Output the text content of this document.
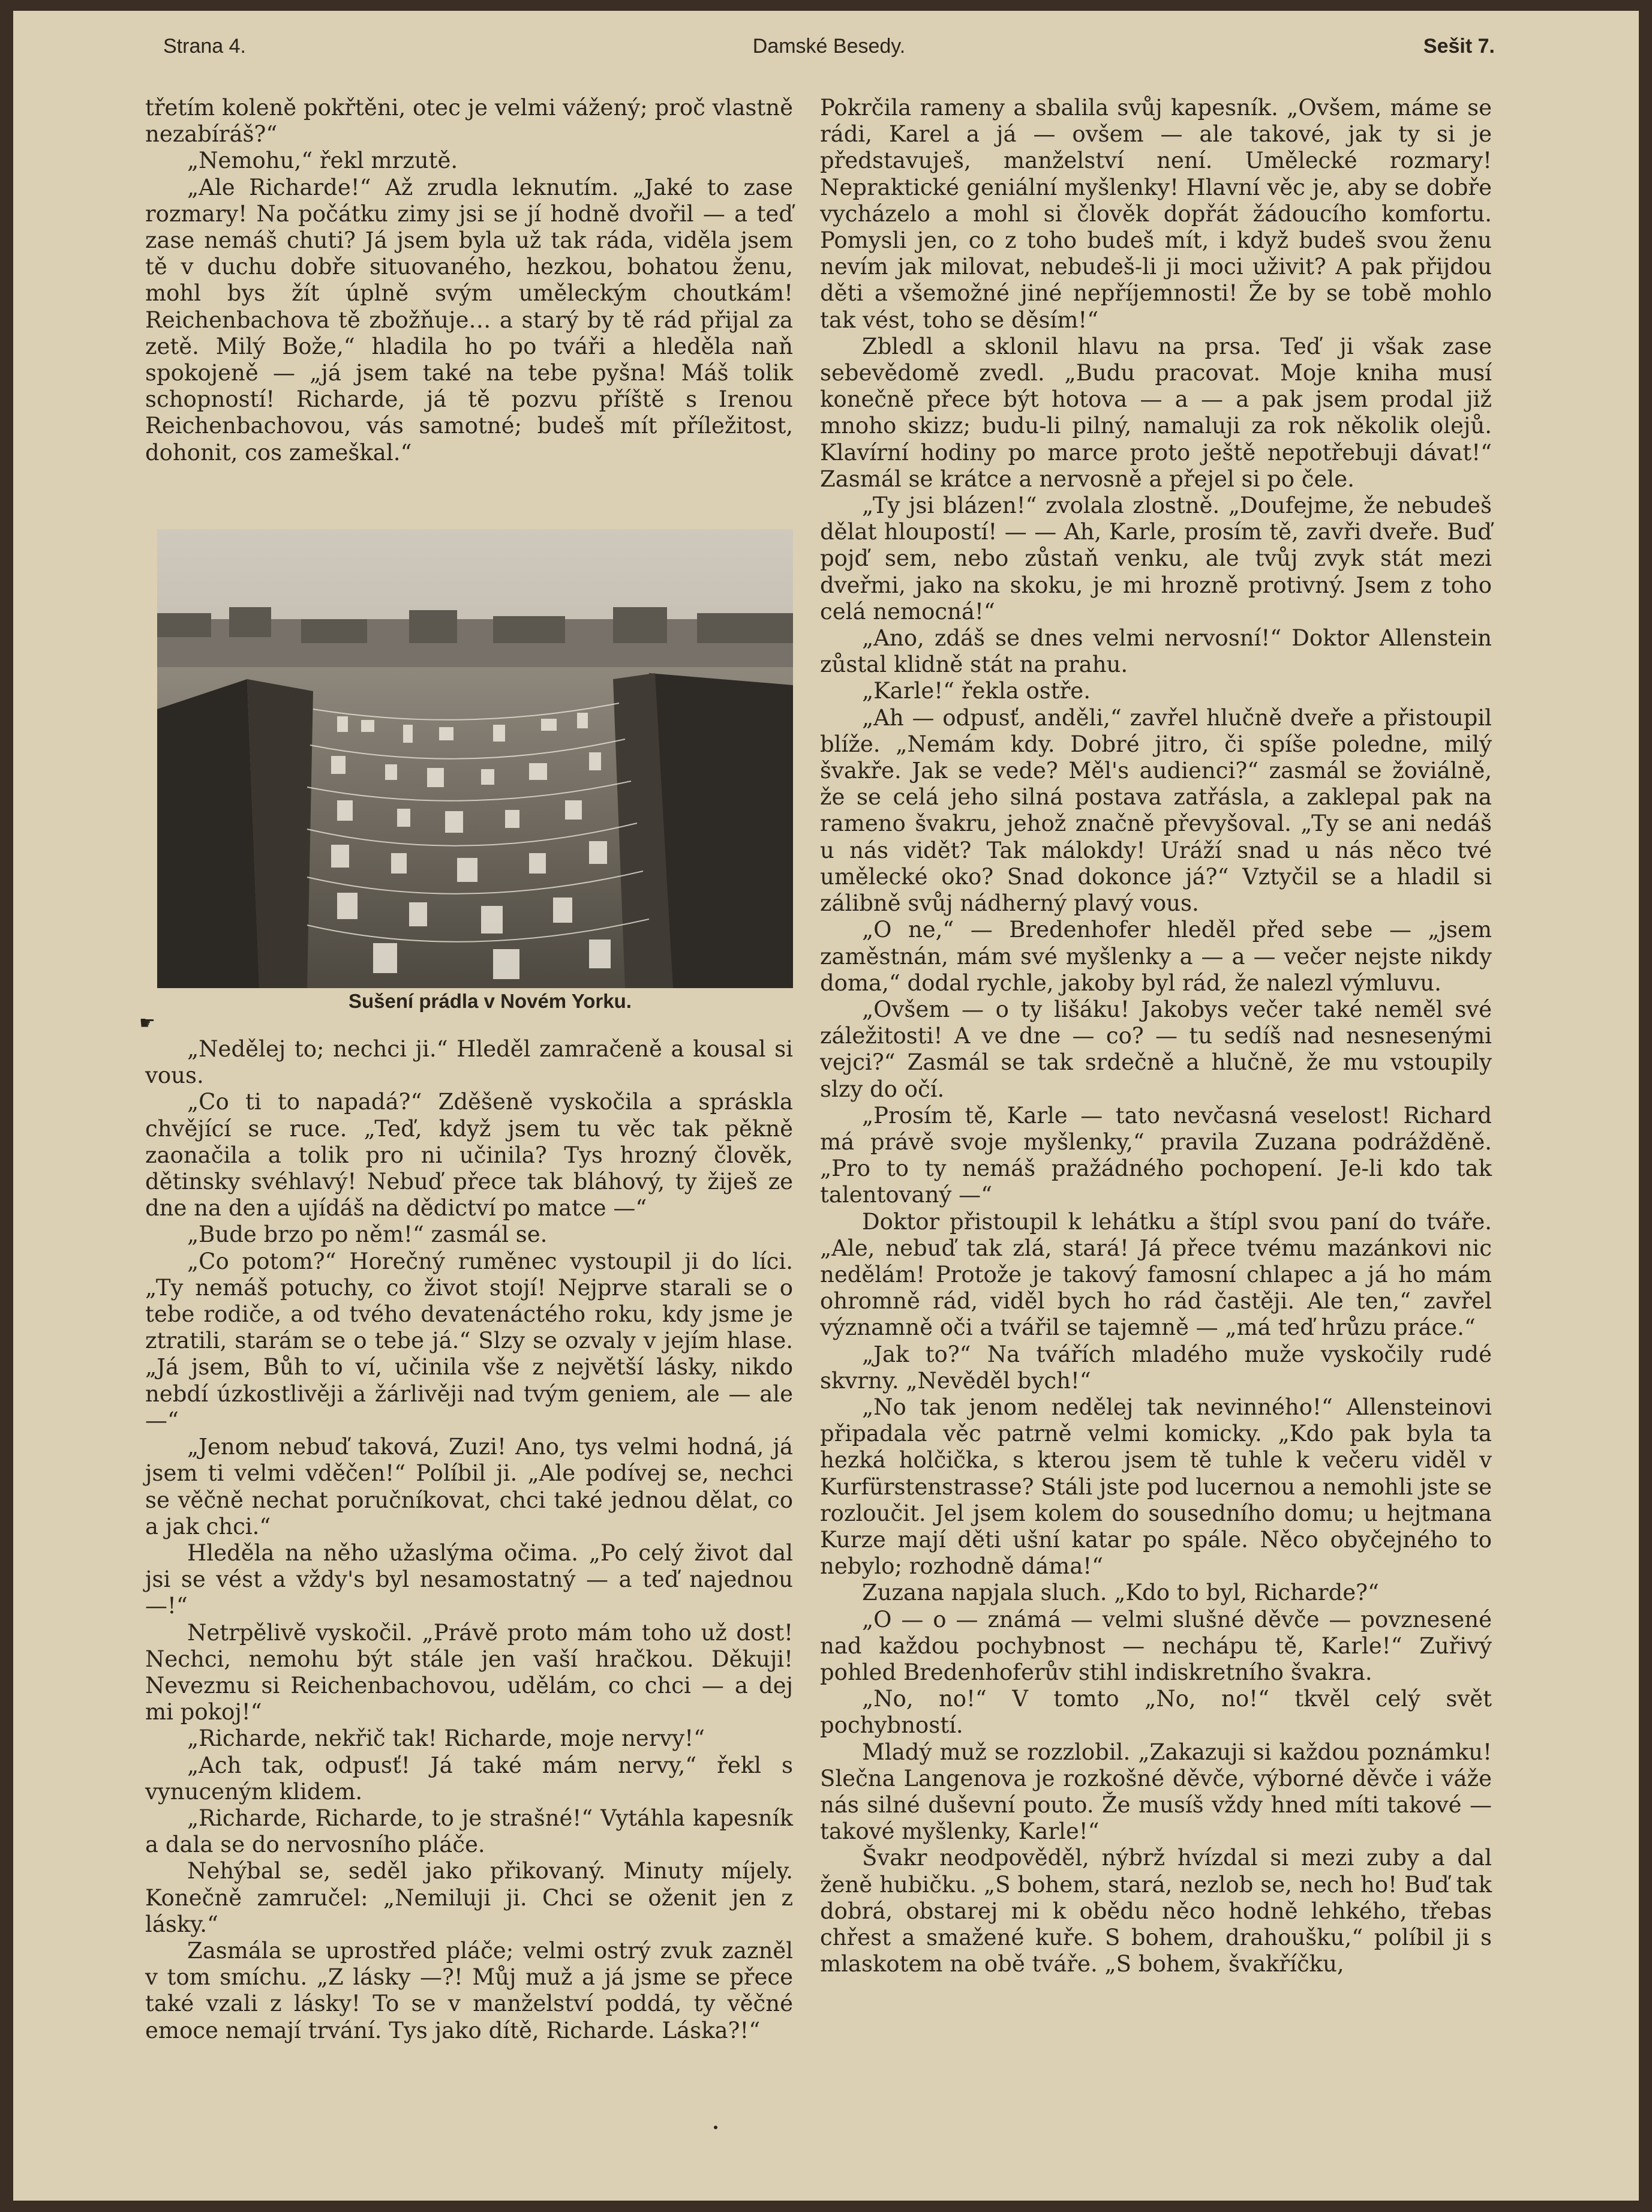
Strana 4.	Damské Besedy.	Sešit 7.

třetím koleně pokřtěni, otec je velmi vážený; proč vlastně nezabíráš?“

„Nemohu,“ řekl mrzutě.

„Ale Richarde!“ Až zrudla leknutím. „Jaké to zase rozmary! Na počátku zimy jsi se jí hodně dvořil — a teď zase nemáš chuti? Já jsem byla už tak ráda, viděla jsem tě v duchu dobře situovaného, hezkou, bohatou ženu, mohl bys žít úplně svým uměleckým choutkám! Reichenbachova tě zbožňuje… a starý by tě rád přijal za zetě. Milý Bože,“ hladila ho po tváři a hleděla naň spokojeně — „já jsem také na tebe pyšna! Máš tolik schopností! Richarde, já tě pozvu příště s Irenou Reichenbachovou, vás samotné; budeš mít příležitost, dohonit, cos zameškal.“

Sušení prádla v Novém Yorku.

☛

„Nedělej to; nechci ji.“ Hleděl zamračeně a kousal si vous.

„Co ti to napadá?“ Zděšeně vyskočila a spráskla chvějící se ruce. „Teď, když jsem tu věc tak pěkně zaonačila a tolik pro ni učinila? Tys hrozný člověk, dětinsky svéhlavý! Nebuď přece tak bláhový, ty žiješ ze dne na den a ujídáš na dědictví po matce —“

„Bude brzo po něm!“ zasmál se.

„Co potom?“ Horečný ruměnec vystoupil ji do líci. „Ty nemáš potuchy, co život stojí! Nejprve starali se o tebe rodiče, a od tvého devatenáctého roku, kdy jsme je ztratili, starám se o tebe já.“ Slzy se ozvaly v jejím hlase. „Já jsem, Bůh to ví, učinila vše z největší lásky, nikdo nebdí úzkostlivěji a žárlivěji nad tvým geniem, ale — ale —“

„Jenom nebuď taková, Zuzi! Ano, tys velmi hodná, já jsem ti velmi vděčen!“ Políbil ji. „Ale podívej se, nechci se věčně nechat poručníkovat, chci také jednou dělat, co a jak chci.“

Hleděla na něho užaslýma očima. „Po celý život dal jsi se vést a vždy's byl nesamostatný — a teď najednou —!“

Netrpělivě vyskočil. „Právě proto mám toho už dost! Nechci, nemohu být stále jen vaší hračkou. Děkuji! Nevezmu si Reichenbachovou, udělám, co chci — a dej mi pokoj!“

„Richarde, nekřič tak! Richarde, moje nervy!“

„Ach tak, odpusť! Já také mám nervy,“ řekl s vynuceným klidem.

„Richarde, Richarde, to je strašné!“ Vytáhla kapesník a dala se do nervosního pláče.

Nehýbal se, seděl jako přikovaný. Minuty míjely. Konečně zamručel: „Nemiluji ji. Chci se oženit jen z lásky.“

Zasmála se uprostřed pláče; velmi ostrý zvuk zazněl v tom smíchu. „Z lásky —?! Můj muž a já jsme se přece také vzali z lásky! To se v manželství poddá, ty věčné emoce nemají trvání. Tys jako dítě, Richarde. Láska?!“

Pokrčila rameny a sbalila svůj kapesník. „Ovšem, máme se rádi, Karel a já — ovšem — ale takové, jak ty si je představuješ, manželství není. Umělecké rozmary! Nepraktické geniální myšlenky! Hlavní věc je, aby se dobře vycházelo a mohl si člověk dopřát žádoucího komfortu. Pomysli jen, co z toho budeš mít, i když budeš svou ženu nevím jak milovat, nebudeš-li ji moci uživit? A pak přijdou děti a všemožné jiné nepříjemnosti! Že by se tobě mohlo tak vést, toho se děsím!“

Zbledl a sklonil hlavu na prsa. Teď ji však zase sebevědomě zvedl. „Budu pracovat. Moje kniha musí konečně přece být hotova — a — a pak jsem prodal již mnoho skizz; budu-li pilný, namaluji za rok několik olejů. Klavírní hodiny po marce proto ještě nepotřebuji dávat!“ Zasmál se krátce a nervosně a přejel si po čele.

„Ty jsi blázen!“ zvolala zlostně. „Doufejme, že nebudeš dělat hloupostí! — — Ah, Karle, prosím tě, zavři dveře. Buď pojď sem, nebo zůstaň venku, ale tvůj zvyk stát mezi dveřmi, jako na skoku, je mi hrozně protivný. Jsem z toho celá nemocná!“

„Ano, zdáš se dnes velmi nervosní!“ Doktor Allenstein zůstal klidně stát na prahu.

„Karle!“ řekla ostře.

„Ah — odpusť, anděli,“ zavřel hlučně dveře a přistoupil blíže. „Nemám kdy. Dobré jitro, či spíše poledne, milý švakře. Jak se vede? Měl's audienci?“ zasmál se žoviálně, že se celá jeho silná postava zatřásla, a zaklepal pak na rameno švakru, jehož značně převyšoval. „Ty se ani nedáš u nás vidět? Tak málokdy! Uráží snad u nás něco tvé umělecké oko? Snad dokonce já?“ Vztyčil se a hladil si zálibně svůj nádherný plavý vous.

„O ne,“ — Bredenhofer hleděl před sebe — „jsem zaměstnán, mám své myšlenky a — a — večer nejste nikdy doma,“ dodal rychle, jakoby byl rád, že nalezl výmluvu.

„Ovšem — o ty lišáku! Jakobys večer také neměl své záležitosti! A ve dne — co? — tu sedíš nad nesnesenými vejci?“ Zasmál se tak srdečně a hlučně, že mu vstoupily slzy do očí.

„Prosím tě, Karle — tato nevčasná veselost! Richard má právě svoje myšlenky,“ pravila Zuzana podrážděně. „Pro to ty nemáš pražádného pochopení. Je-li kdo tak talentovaný —“

Doktor přistoupil k lehátku a štípl svou paní do tváře. „Ale, nebuď tak zlá, stará! Já přece tvému mazánkovi nic nedělám! Protože je takový famosní chlapec a já ho mám ohromně rád, viděl bych ho rád častěji. Ale ten,“ zavřel významně oči a tvářil se tajemně — „má teď hrůzu práce.“

„Jak to?“ Na tvářích mladého muže vyskočily rudé skvrny. „Nevěděl bych!“

„No tak jenom nedělej tak nevinného!“ Allensteinovi připadala věc patrně velmi komicky. „Kdo pak byla ta hezká holčička, s kterou jsem tě tuhle k večeru viděl v Kurfürstenstrasse? Stáli jste pod lucernou a nemohli jste se rozloučit. Jel jsem kolem do sousedního domu; u hejtmana Kurze mají děti ušní katar po spále. Něco obyčejného to nebylo; rozhodně dáma!“

Zuzana napjala sluch. „Kdo to byl, Richarde?“

„O — o — známá — velmi slušné děvče — povznesené nad každou pochybnost — nechápu tě, Karle!“ Zuřivý pohled Bredenhoferův stihl indiskretního švakra.

„No, no!“ V tomto „No, no!“ tkvěl celý svět pochybností.

Mladý muž se rozzlobil. „Zakazuji si každou poznámku! Slečna Langenova je rozkošné děvče, výborné děvče i váže nás silné duševní pouto. Že musíš vždy hned míti takové — takové myšlenky, Karle!“

Švakr neodpověděl, nýbrž hvízdal si mezi zuby a dal ženě hubičku. „S bohem, stará, nezlob se, nech ho! Buď tak dobrá, obstarej mi k obědu něco hodně lehkého, třebas chřest a smažené kuře. S bohem, drahoušku,“ políbil ji s mlaskotem na obě tváře. „S bohem, švakříčku,
